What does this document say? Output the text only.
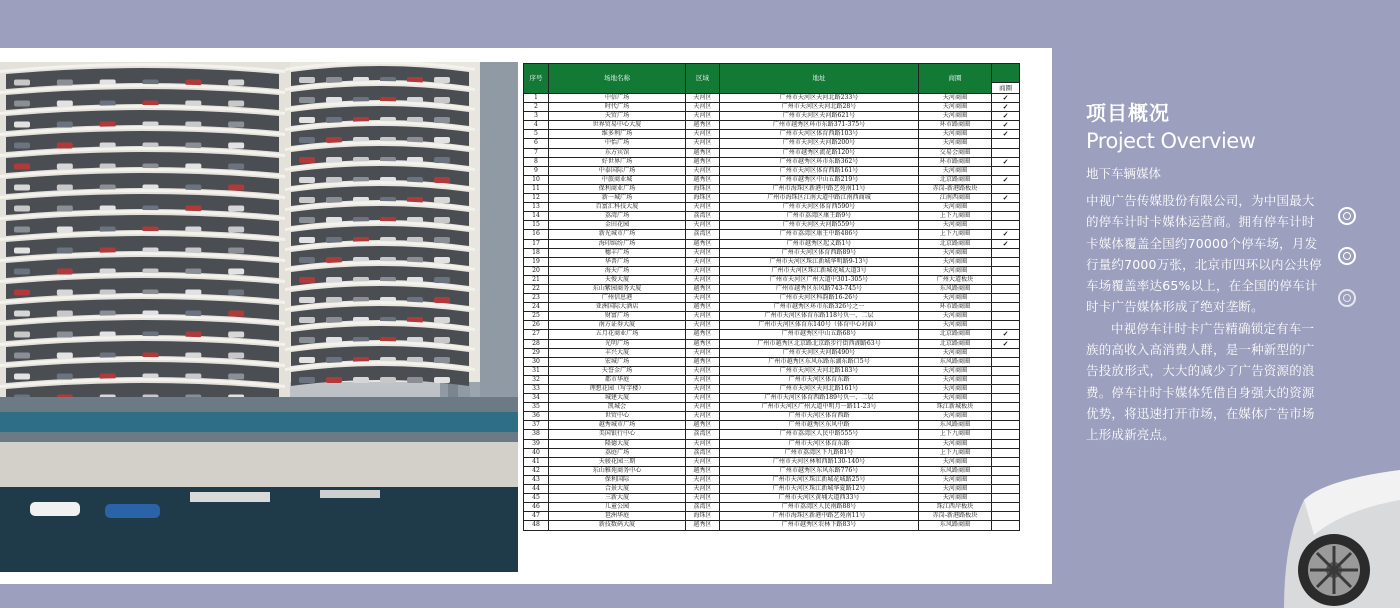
序号	场地名称	区域	地址	商圈	商圈

1	中信广场	天河区	广州市天河区天河北路233号	天河商圈	✓
2	时代广场	天河区	广州市天河区天河北路28号	天河商圈	✓
3	天贸广场	天河区	广州市天河区天河路621号	天河商圈	✓
4	世界贸易中心大厦	越秀区	广州市越秀区环市东路371-375号	环市路商圈	✓
5	维多利广场	天河区	广州市天河区体育西路103号	天河商圈	✓
6	中怡广场	天河区	广州市天河区天河路200号	天河商圈	
7	东方宾馆	越秀区	广州市越秀区流花路120号	交易会商圈	
8	好世界广场	越秀区	广州市越秀区环市东路362号	环市路商圈	✓
9	中泰国际广场	天河区	广州市天河区体育西路161号	天河商圈	
10	中旅商业城	越秀区	广州市越秀区中山五路219号	北京路商圈	✓
11	保利商业广场	海珠区	广州市海珠区新港中路艺苑南11号	赤岗-新港路板块	
12	新一城广场	海珠区	广州市海珠区江南大道中路江南西商城	江南西商圈	✓
13	百富汇科技大厦	天河区	广州市天河区体育西590号	天河商圈	
14	荔湾广场	荔湾区	广州市荔湾区康王路9号	上下九商圈	
15	金田花园	天河区	广州市天河区天河路559号	天河商圈	
16	新光城市广场	荔湾区	广州市荔湾区康王中路486号	上下九商圈	✓
17	海印缤纷广场	越秀区	广州市越秀区起义路1号	北京路商圈	✓
18	穗丰广场	天河区	广州市天河区体育西路89号	天河商圈	
19	华普广场	天河区	广州市天河区珠江新城华明路9-13号	天河商圈	
20	海天广场	天河区	广州市天河区珠江新城花城大道3号	天河商圈	
21	天俊大厦	天河区	广州市天河区广州大道中301-305号	广州大道板块	
22	东山紫园商务大厦	越秀区	广州市越秀区东风路743-745号	东风路商圈	
23	广州信息港	天河区	广州市天河区科韵路16-26号	天河商圈	
24	亚洲国际大酒店	越秀区	广州市越秀区环市东路326号之一	环市路商圈	
25	财富广场	天河区	广州市天河区体育东路118号负一、二层	天河商圈	
26	南方证券大厦	天河区	广州市天河区体育东140号（体育中心对面）	天河商圈	
27	五月花商业广场	越秀区	广州市越秀区中山五路68号	北京路商圈	✓
28	光明广场	越秀区	广州市越秀区北京路北京路步行街西湖路63号	北京路商圈	✓
29	丰兴大厦	天河区	广州市天河区天河路490号	天河商圈	
30	宏城广场	越秀区	广州市越秀区东风东路东湖东路口5号	东风路商圈	
31	天誉金广场	天河区	广州市天河区天河北路183号	天河商圈	
32	都市华庭	天河区	广州市天河区体育东路	天河商圈	
33	理想花园（写字楼）	天河区	广州市天河区天河北路161号	天河商圈	
34	城建大厦	天河区	广州市天河区体育西路189号负一、二层	天河商圈	
35	凯城会	天河区	广州市天河区广州大道中明月一路11-23号	珠江新城板块	
36	世贸中心	天河区	广州市天河区体育西路	天河商圈	
37	越秀城市广场	越秀区	广州市越秀区东风中路	东风路商圈	
38	美国银行中心	荔湾区	广州市荔湾区人民中路555号	上下九商圈	
39	隆德大厦	天河区	广州市天河区体育东路	天河商圈	
40	荔庭广场	荔湾区	广州市荔湾区下九路81号	上下九商圈	
41	天骏花园三期	天河区	广州市天河区林和西路130-140号	天河商圈	
42	东山雅苑商务中心	越秀区	广州市越秀区东风东路776号	东风路商圈	
43	保利国际	天河区	广州市天河区珠江新城花城路25号	天河商圈	
44	合景大厦	天河区	广州市天河区珠江新城华夏路12号	天河商圈	
45	三新大厦	天河区	广州市天河区黄埔大道西33号	天河商圈	
46	儿童公园	荔湾区	广州市荔湾区人民南路88号	珠江西岸板块	
47	琶洲华庭	海珠区	广州市海珠区新港中路艺苑南11号	赤岗-新港路板块	
48	新技数码大厦	越秀区	广州市越秀区农林下路83号	东风路商圈	
项目概况
Project Overview
地下车辆媒体

中视广告传媒股份有限公司，为中国最大的停车计时卡媒体运营商。拥有停车计时卡媒体覆盖全国约70000个停车场，月发行量约7000万张，北京市四环以内公共停车场覆盖率达65%以上，在全国的停车计时卡广告媒体形成了绝对垄断。

中视停车计时卡广告精确锁定有车一族的高收入高消费人群，是一种新型的广告投放形式，大大的减少了广告资源的浪费。停车计时卡媒体凭借自身强大的资源优势，将迅速打开市场，在媒体广告市场上形成新亮点。
